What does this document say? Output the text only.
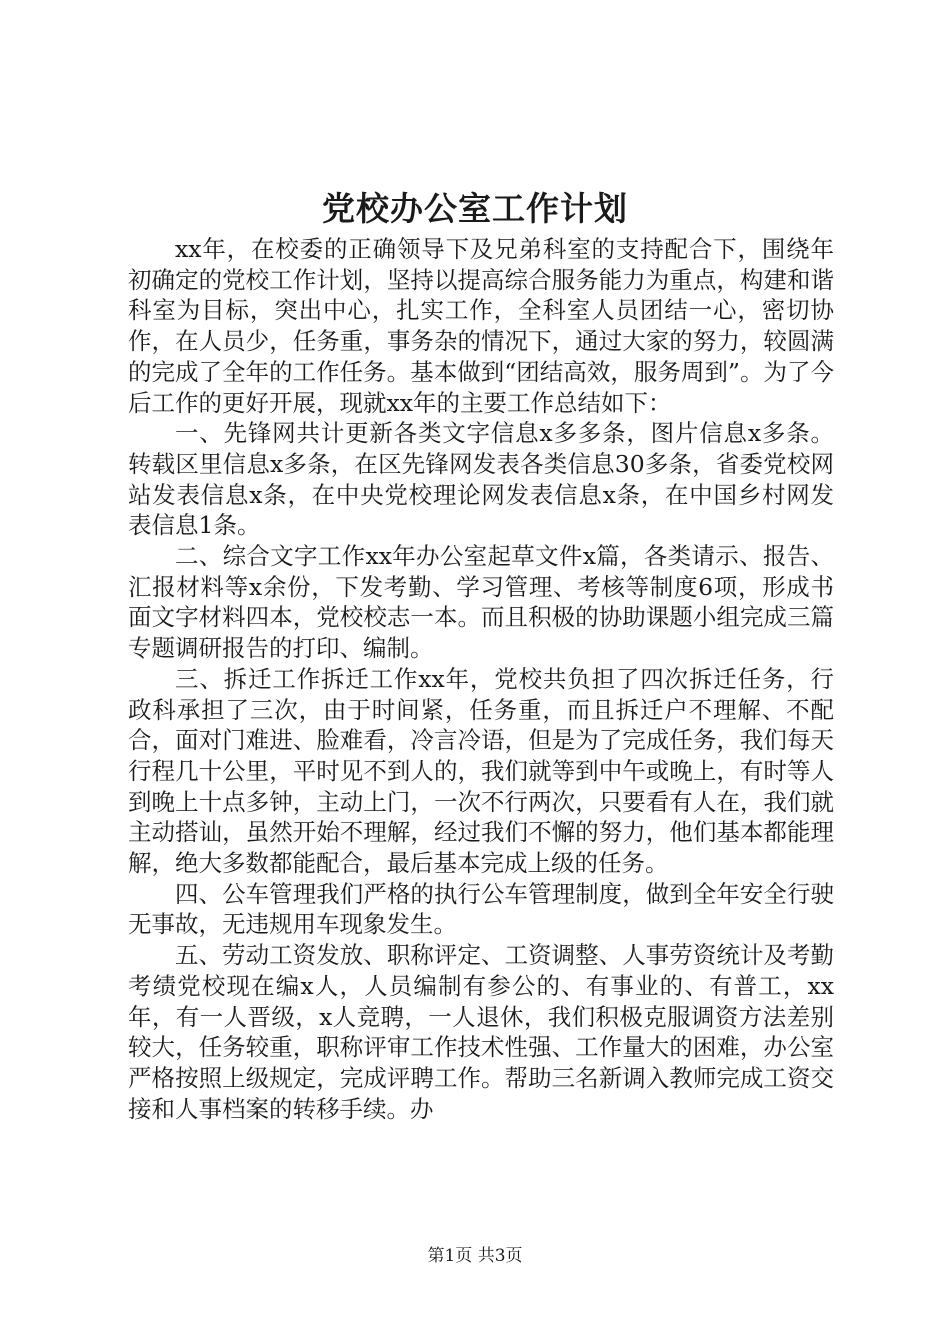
党校办公室工作计划

xx年，在校委的正确领导下及兄弟科室的支持配合下，围绕年初确定的党校工作计划，坚持以提高综合服务能力为重点，构建和谐科室为目标，突出中心，扎实工作，全科室人员团结一心，密切协作，在人员少，任务重，事务杂的情况下，通过大家的努力，较圆满的完成了全年的工作任务。基本做到“团结高效，服务周到”。为了今后工作的更好开展，现就xx年的主要工作总结如下：

一、先锋网共计更新各类文字信息x多多条，图片信息x多条。转载区里信息x多条，在区先锋网发表各类信息30多条，省委党校网站发表信息x条，在中央党校理论网发表信息x条，在中国乡村网发表信息1条。

二、综合文字工作xx年办公室起草文件x篇，各类请示、报告、汇报材料等x余份，下发考勤、学习管理、考核等制度6项，形成书面文字材料四本，党校校志一本。而且积极的协助课题小组完成三篇专题调研报告的打印、编制。

三、拆迁工作拆迁工作xx年，党校共负担了四次拆迁任务，行政科承担了三次，由于时间紧，任务重，而且拆迁户不理解、不配合，面对门难进、脸难看，冷言冷语，但是为了完成任务，我们每天行程几十公里，平时见不到人的，我们就等到中午或晚上，有时等人到晚上十点多钟，主动上门，一次不行两次，只要看有人在，我们就主动搭讪，虽然开始不理解，经过我们不懈的努力，他们基本都能理解，绝大多数都能配合，最后基本完成上级的任务。

四、公车管理我们严格的执行公车管理制度，做到全年安全行驶无事故，无违规用车现象发生。

五、劳动工资发放、职称评定、工资调整、人事劳资统计及考勤考绩党校现在编x人，人员编制有参公的、有事业的、有普工，xx年，有一人晋级，x人竞聘，一人退休，我们积极克服调资方法差别较大，任务较重，职称评审工作技术性强、工作量大的困难，办公室严格按照上级规定，完成评聘工作。帮助三名新调入教师完成工资交接和人事档案的转移手续。办

第1页 共3页
